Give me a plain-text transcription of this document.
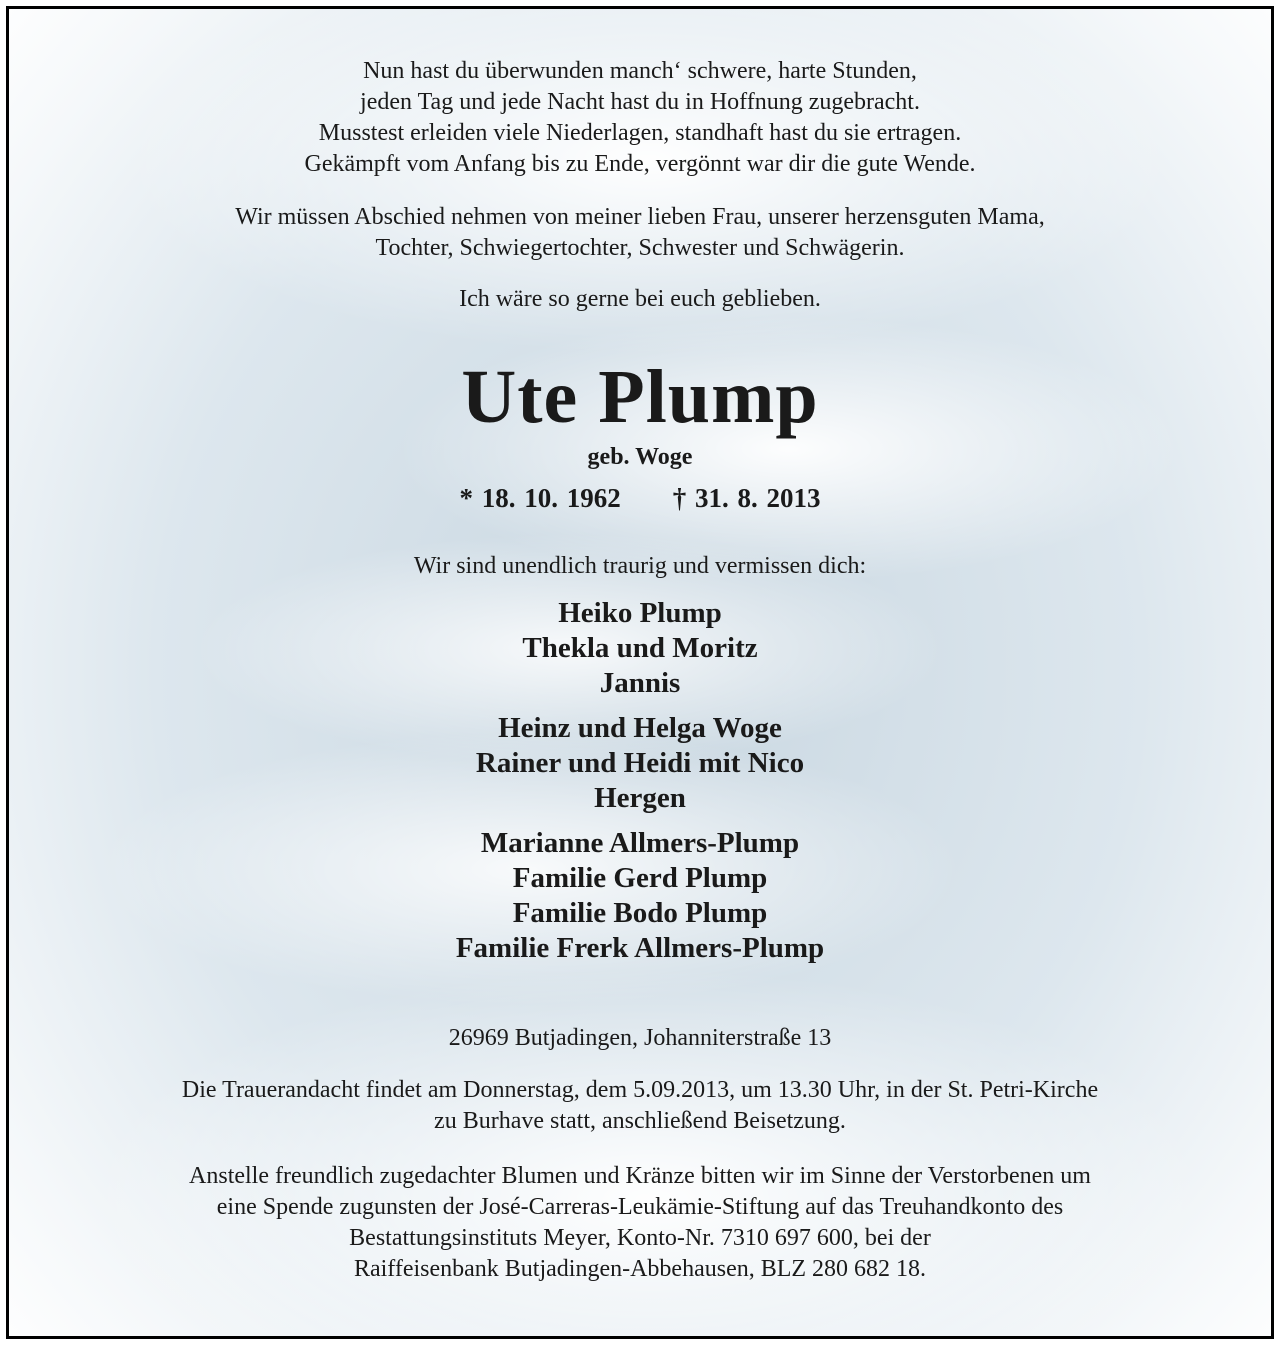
Nun hast du überwunden manch‘ schwere, harte Stunden,

jeden Tag und jede Nacht hast du in Hoffnung zugebracht.

Musstest erleiden viele Niederlagen, standhaft hast du sie ertragen.

Gekämpft vom Anfang bis zu Ende, vergönnt war dir die gute Wende.

Wir müssen Abschied nehmen von meiner lieben Frau, unserer herzensguten Mama,

Tochter, Schwiegertochter, Schwester und Schwägerin.

Ich wäre so gerne bei euch geblieben.

Ute Plump
geb. Woge
* 18. 10. 1962 † 31. 8. 2013

Wir sind unendlich traurig und vermissen dich:

Heiko Plump
Thekla und Moritz
Jannis
Heinz und Helga Woge
Rainer und Heidi mit Nico
Hergen
Marianne Allmers-Plump
Familie Gerd Plump
Familie Bodo Plump
Familie Frerk Allmers-Plump

26969 Butjadingen, Johanniterstraße 13

Die Trauerandacht findet am Donnerstag, dem 5.09.2013, um 13.30 Uhr, in der St. Petri-Kirche

zu Burhave statt, anschließend Beisetzung.

Anstelle freundlich zugedachter Blumen und Kränze bitten wir im Sinne der Verstorbenen um

eine Spende zugunsten der José-Carreras-Leukämie-Stiftung auf das Treuhandkonto des

Bestattungsinstituts Meyer, Konto-Nr. 7310 697 600, bei der

Raiffeisenbank Butjadingen-Abbehausen, BLZ 280 682 18.
